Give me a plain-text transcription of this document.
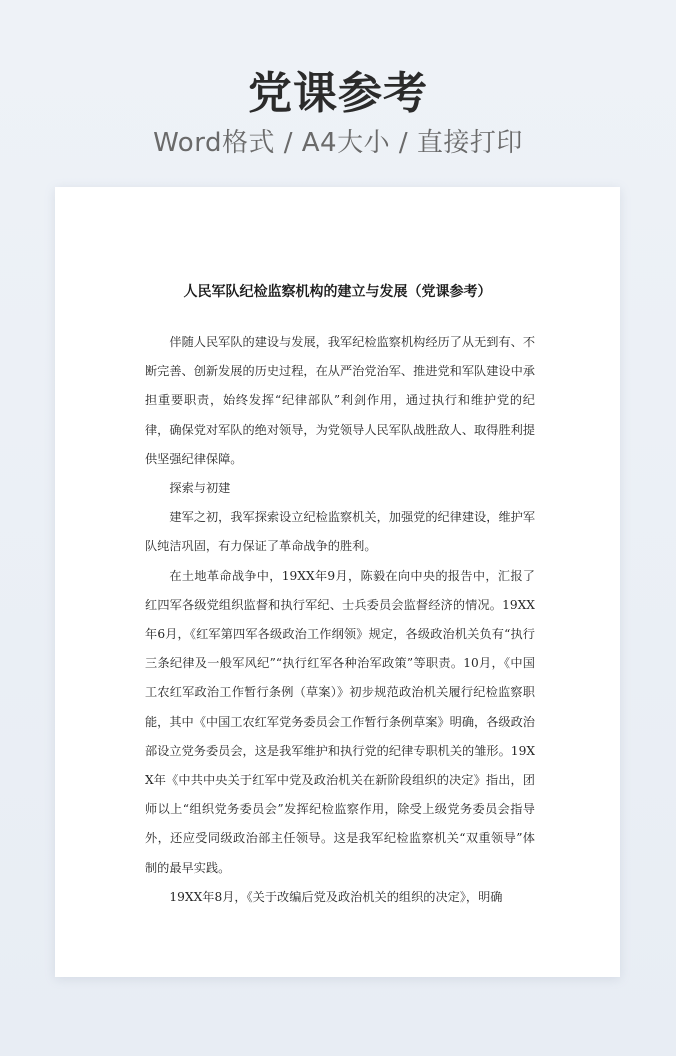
党课参考
Word格式 / A4大小 / 直接打印
人民军队纪检监察机构的建立与发展（党课参考）

伴随人民军队的建设与发展，我军纪检监察机构经历了从无到有、不断完善、创新发展的历史过程，在从严治党治军、推进党和军队建设中承担重要职责，始终发挥“纪律部队”利剑作用，通过执行和维护党的纪律，确保党对军队的绝对领导，为党领导人民军队战胜敌人、取得胜利提供坚强纪律保障。

探索与初建

建军之初，我军探索设立纪检监察机关，加强党的纪律建设，维护军队纯洁巩固，有力保证了革命战争的胜利。

在土地革命战争中，19XX年9月，陈毅在向中央的报告中，汇报了红四军各级党组织监督和执行军纪、士兵委员会监督经济的情况。19XX年6月，《红军第四军各级政治工作纲领》规定，各级政治机关负有“执行三条纪律及一般军风纪”“执行红军各种治军政策”等职责。10月，《中国工农红军政治工作暂行条例（草案）》初步规范政治机关履行纪检监察职能，其中《中国工农红军党务委员会工作暂行条例草案》明确，各级政治部设立党务委员会，这是我军维护和执行党的纪律专职机关的雏形。19XX年《中共中央关于红军中党及政治机关在新阶段组织的决定》指出，团师以上“组织党务委员会”发挥纪检监察作用，除受上级党务委员会指导外，还应受同级政治部主任领导。这是我军纪检监察机关“双重领导”体制的最早实践。

19XX年8月，《关于改编后党及政治机关的组织的决定》，明确
